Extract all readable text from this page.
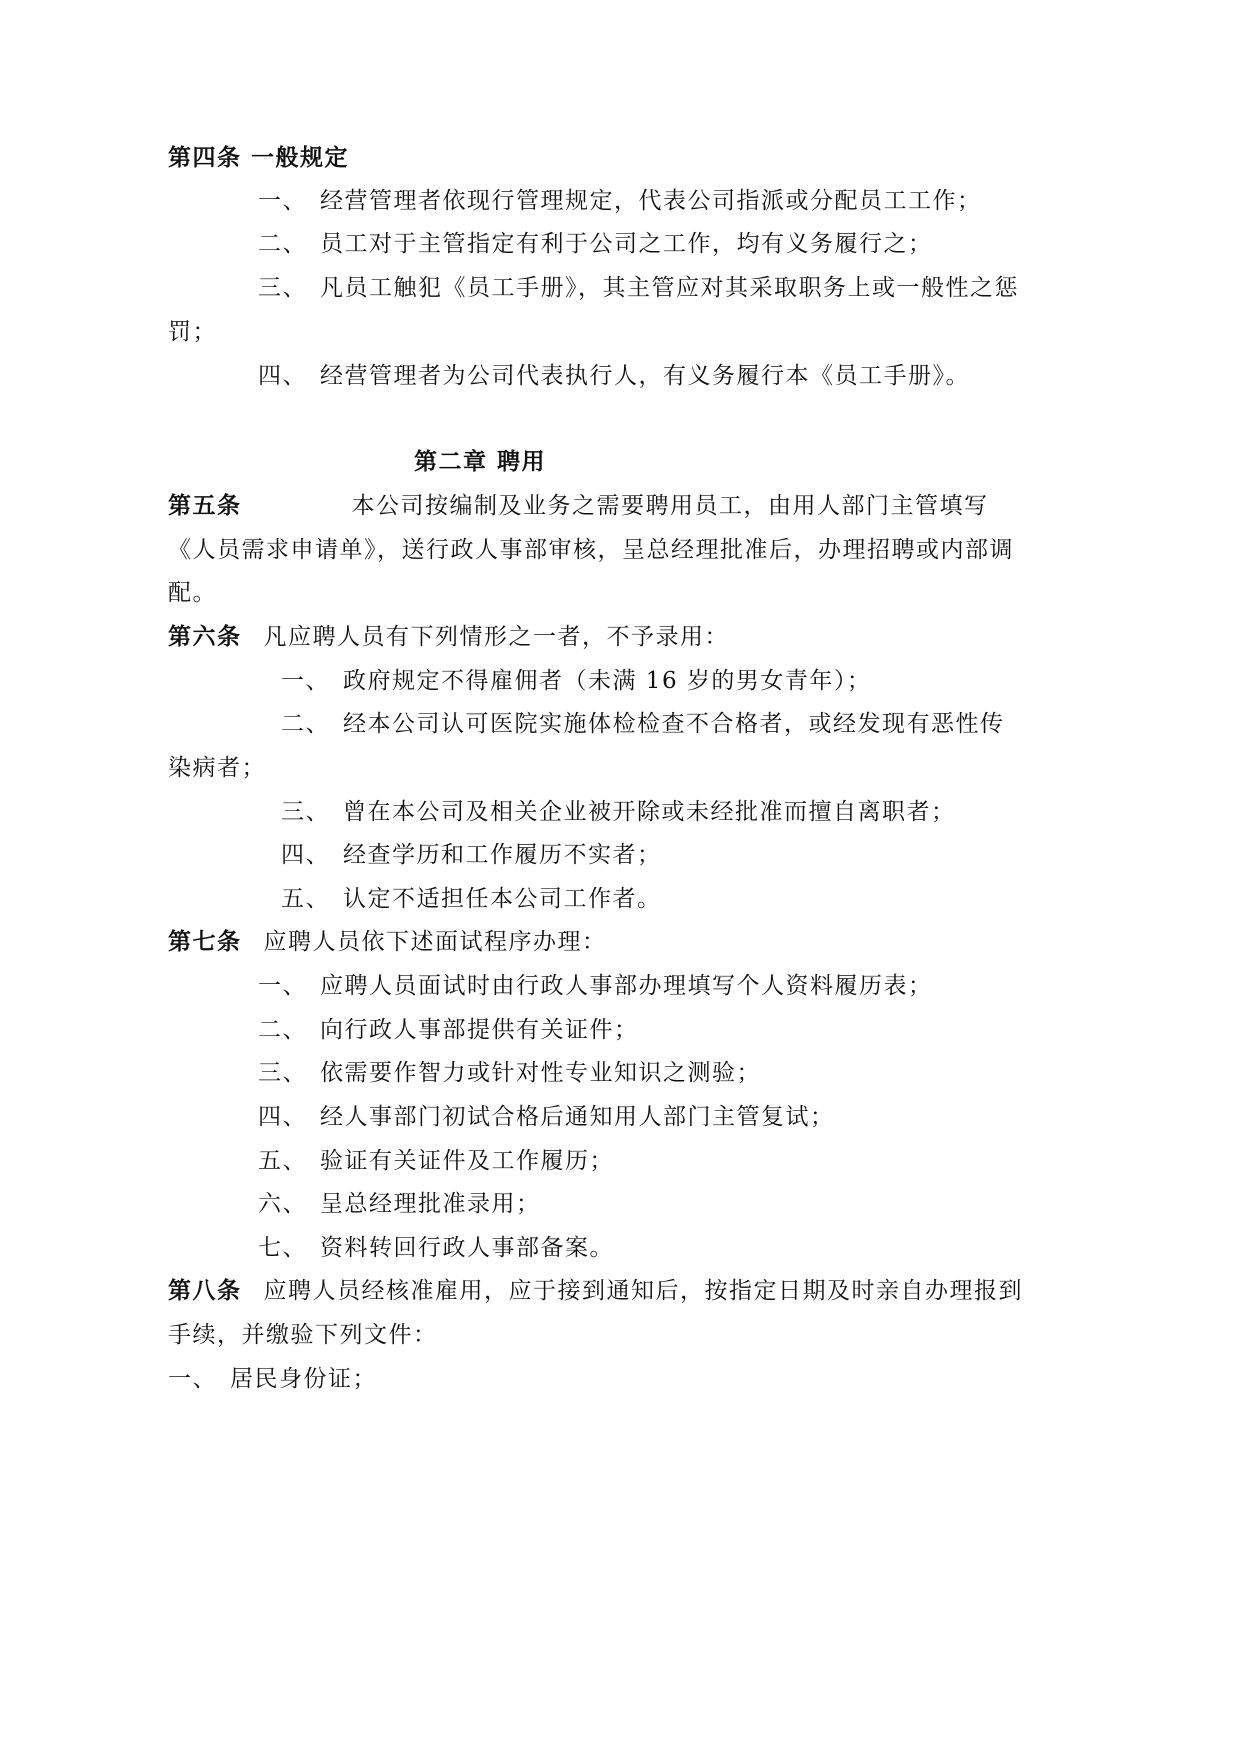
第四条 一般规定
一、 经营管理者依现行管理规定，代表公司指派或分配员工工作；
二、 员工对于主管指定有利于公司之工作，均有义务履行之；
三、 凡员工触犯《员工手册》，其主管应对其采取职务上或一般性之惩
罚；
四、 经营管理者为公司代表执行人，有义务履行本《员工手册》。
第二章 聘用
第五条	本公司按编制及业务之需要聘用员工，由用人部门主管填写
《人员需求申请单》，送行政人事部审核，呈总经理批准后，办理招聘或内部调
配。
第六条 凡应聘人员有下列情形之一者，不予录用：
一、 政府规定不得雇佣者（未满 16 岁的男女青年）；
二、 经本公司认可医院实施体检检查不合格者，或经发现有恶性传
染病者；
三、 曾在本公司及相关企业被开除或未经批准而擅自离职者；
四、 经查学历和工作履历不实者；
五、 认定不适担任本公司工作者。
第七条 应聘人员依下述面试程序办理：
一、 应聘人员面试时由行政人事部办理填写个人资料履历表；
二、 向行政人事部提供有关证件；
三、 依需要作智力或针对性专业知识之测验；
四、 经人事部门初试合格后通知用人部门主管复试；
五、 验证有关证件及工作履历；
六、 呈总经理批准录用；
七、 资料转回行政人事部备案。
第八条 应聘人员经核准雇用，应于接到通知后，按指定日期及时亲自办理报到
手续，并缴验下列文件：
一、 居民身份证；
